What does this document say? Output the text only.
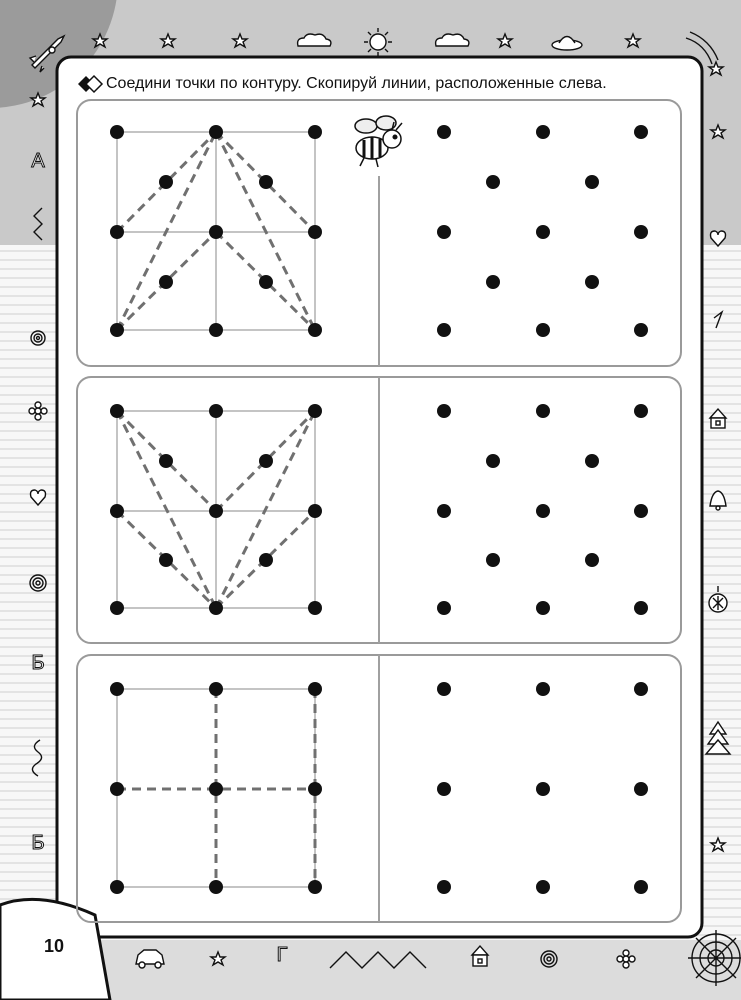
Соедини точки по контуру. Скопируй линии, расположенные слева.
А
Б
Б
Г
10
